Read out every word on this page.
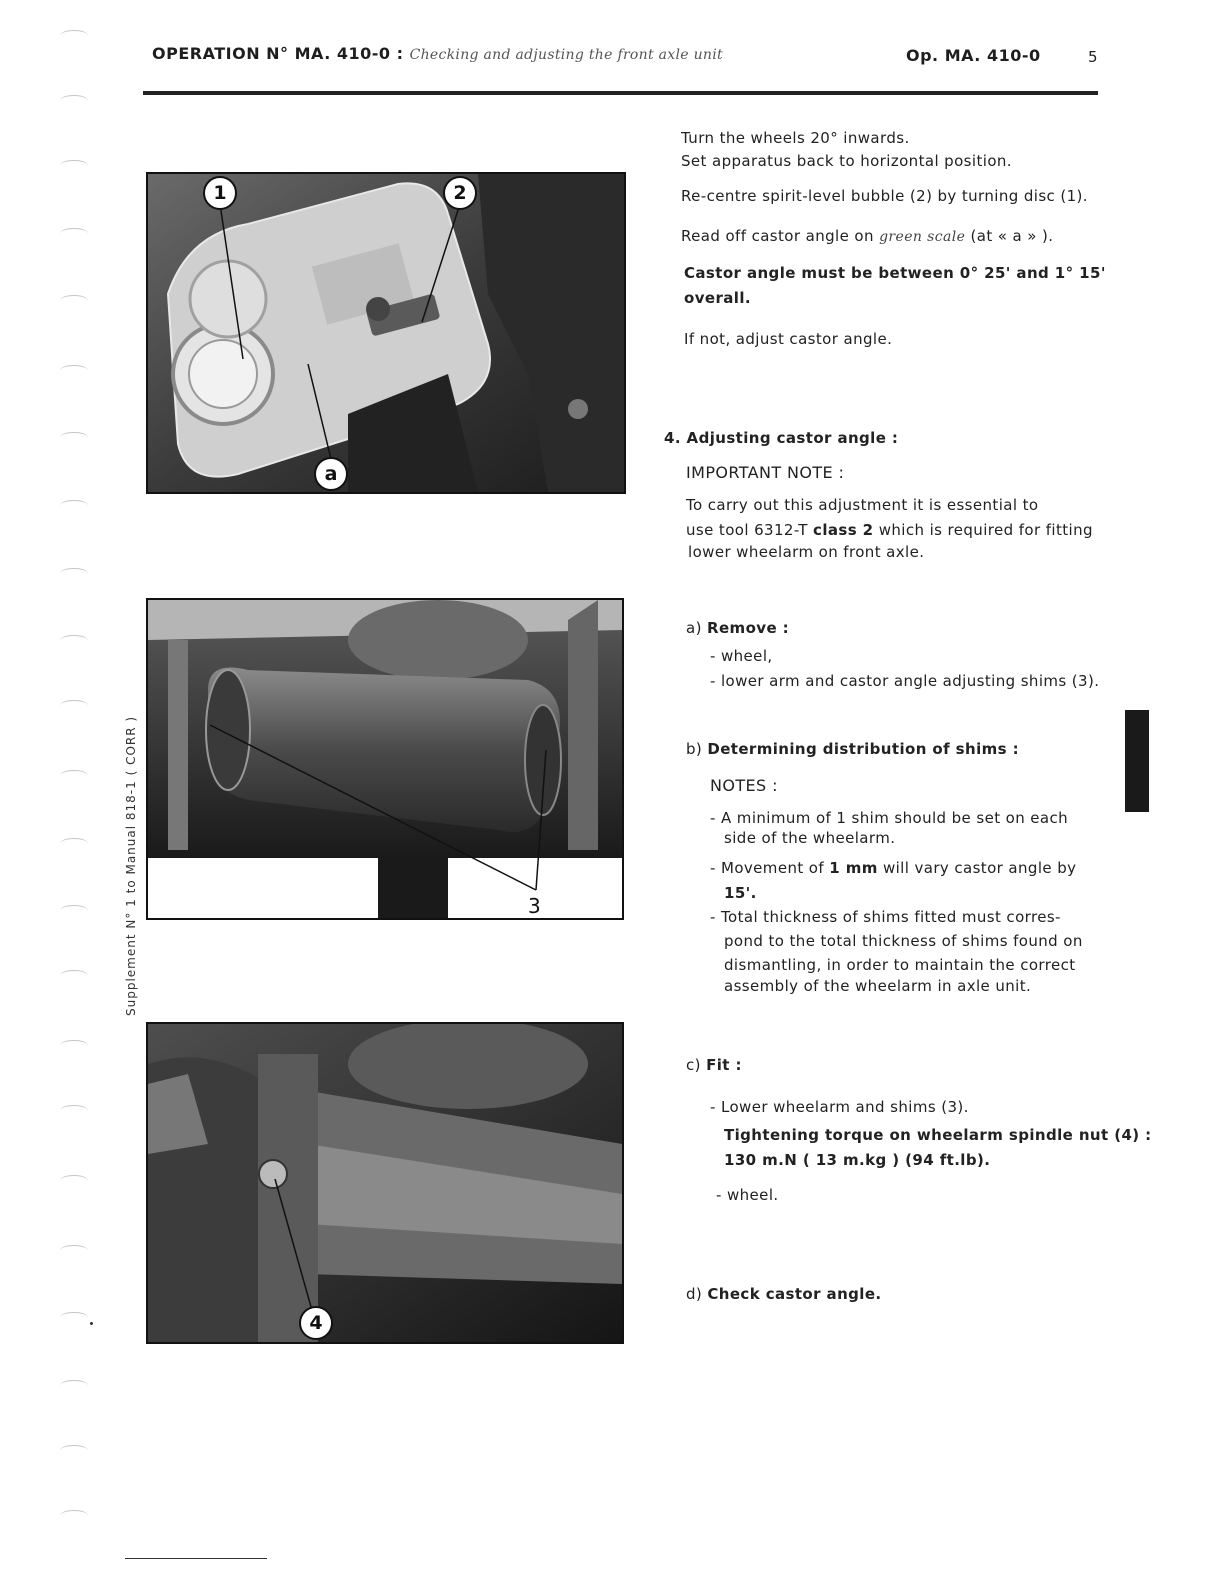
OPERATION N° MA. 410-0 : Checking and adjusting the front axle unit	Op. MA. 410-0	5
Supplement N° 1 to Manual 818-1 ( CORR )
1	2
a
3
4
Turn the wheels 20° inwards.
Set apparatus back to horizontal position.
Re-centre spirit-level bubble (2) by turning disc (1).
Read off castor angle on green scale (at « a » ).
Castor angle must be between 0° 25' and 1° 15'
overall.
If not, adjust castor angle.
4. Adjusting castor angle :
IMPORTANT NOTE :
To carry out this adjustment it is essential to
use tool 6312-T class 2 which is required for fitting
lower wheelarm on front axle.
a) Remove :
- wheel,
- lower arm and castor angle adjusting shims (3).
b) Determining distribution of shims :
NOTES :
- A minimum of 1 shim should be set on each
side of the wheelarm.
- Movement of 1 mm will vary castor angle by
15'.
- Total thickness of shims fitted must corres-
pond to the total thickness of shims found on
dismantling, in order to maintain the correct
assembly of the wheelarm in axle unit.
c) Fit :
- Lower wheelarm and shims (3).
Tightening torque on wheelarm spindle nut (4) :
130 m.N ( 13 m.kg ) (94 ft.lb).
- wheel.
d) Check castor angle.
